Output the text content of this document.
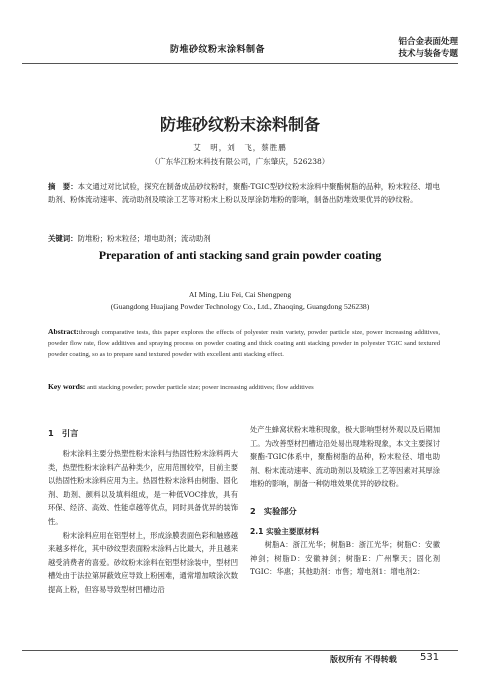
防堆砂纹粉末涂料制备
铝合金表面处理
技术与装备专题
防堆砂纹粉末涂料制备
艾　明，刘　飞，蔡胜鹏
（广东华江粉末科技有限公司，广东肇庆，526238）
摘　要：本文通过对比试验，探究在制备成品砂纹粉时，聚酯-TGIC型砂纹粉末涂料中聚酯树脂的品种，粉末粒径、增电助剂、粉体流动速率、流动助剂及喷涂工艺等对粉末上粉以及厚涂防堆粉的影响，制备出防堆效果优异的砂纹粉。
关键词：防堆粉；粉末粒径；增电助剂；流动助剂
Preparation of anti stacking sand grain powder coating
AI Ming, Liu Fei, Cai Shengpeng
(Guangdong Huajiang Powder Technology Co., Ltd., Zhaoqing, Guangdong 526238)
Abstract:through comparative tests, this paper explores the effects of polyester resin variety, powder particle size, power increasing additives, powder flow rate, flow additives and spraying process on powder coating and thick coating anti stacking powder in polyester TGIC sand textured powder coating, so as to prepare sand textured powder with excellent anti stacking effect.
Key words: anti stacking powder; powder particle size; power increasing additives; flow additives
1　引言

粉末涂料主要分热塑性粉末涂料与热固性粉末涂料两大类，热塑性粉末涂料产品种类少，应用范围较窄，目前主要以热固性粉末涂料应用为主。热固性粉末涂料由树脂、固化剂、助剂、颜料以及填料组成，是一种低VOC排放，具有环保、经济、高效、性能卓越等优点，同时具备优异的装饰性。

粉末涂料应用在铝型材上，形成涂膜表面色彩和触感越来越多样化，其中砂纹型表面粉末涂料占比最大，并且越来越受消费者的喜爱。砂纹粉末涂料在铝型材涂装中，型材凹槽处由于法拉第屏蔽效应导致上粉困难，通常增加喷涂次数提高上粉，但容易导致型材凹槽边沿

处产生蜂窝状粉末堆积现象，极大影响型材外观以及后期加工。为改善型材凹槽边沿处易出现堆粉现象，本文主要探讨聚酯-TGIC体系中，聚酯树脂的品种，粉末粒径、增电助剂、粉末流动速率、流动助剂以及喷涂工艺等因素对其厚涂堆粉的影响，制备一种防堆效果优异的砂纹粉。

2　实验部分
2.1 实验主要原材料

树脂A：浙江光华；树脂B：浙江光华；树脂C：安徽神剑；树脂D：安徽神剑；树脂E：广州擎天；固化剂TGIC：华惠；其他助剂：市售；增电剂1：增电剂2：

版权所有 不得转载 531
